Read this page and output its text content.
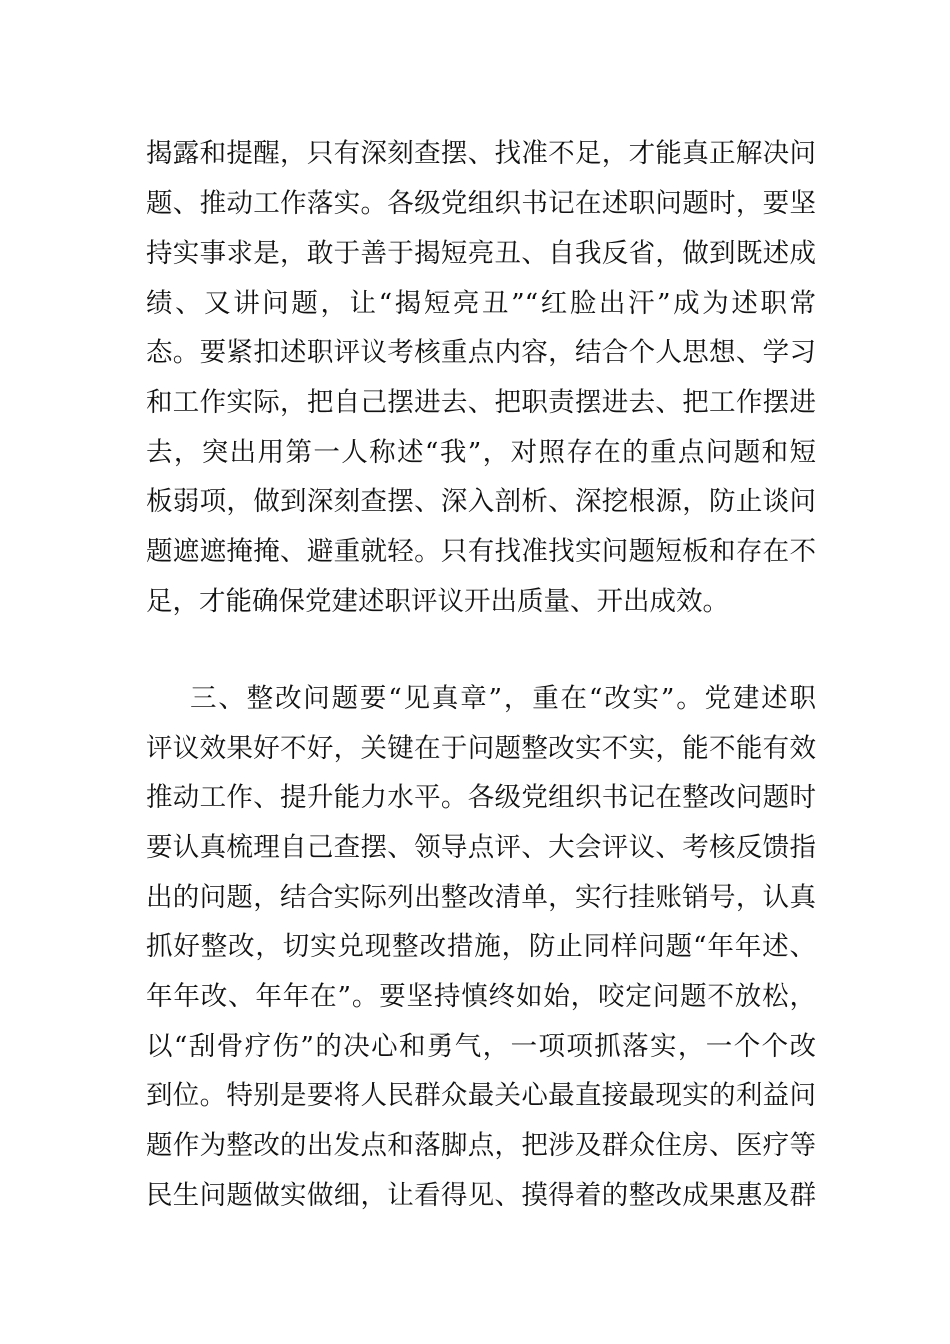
揭露和提醒，只有深刻查摆、找准不足，才能真正解决问
题、推动工作落实。各级党组织书记在述职问题时，要坚
持实事求是，敢于善于揭短亮丑、自我反省，做到既述成
绩、又讲问题，让“揭短亮丑”“红脸出汗”成为述职常
态。要紧扣述职评议考核重点内容，结合个人思想、学习
和工作实际，把自己摆进去、把职责摆进去、把工作摆进
去，突出用第一人称述“我”，对照存在的重点问题和短
板弱项，做到深刻查摆、深入剖析、深挖根源，防止谈问
题遮遮掩掩、避重就轻。只有找准找实问题短板和存在不
足，才能确保党建述职评议开出质量、开出成效。
三、整改问题要“见真章”，重在“改实”。党建述职
评议效果好不好，关键在于问题整改实不实，能不能有效
推动工作、提升能力水平。各级党组织书记在整改问题时
要认真梳理自己查摆、领导点评、大会评议、考核反馈指
出的问题，结合实际列出整改清单，实行挂账销号，认真
抓好整改，切实兑现整改措施，防止同样问题“年年述、
年年改、年年在”。要坚持慎终如始，咬定问题不放松，
以“刮骨疗伤”的决心和勇气，一项项抓落实，一个个改
到位。特别是要将人民群众最关心最直接最现实的利益问
题作为整改的出发点和落脚点，把涉及群众住房、医疗等
民生问题做实做细，让看得见、摸得着的整改成果惠及群
